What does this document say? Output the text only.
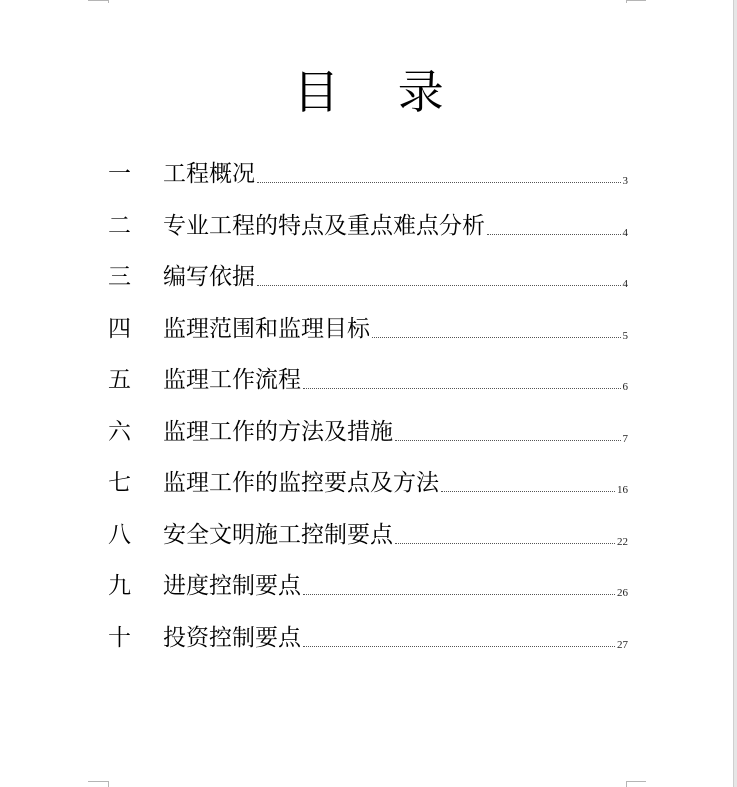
目 录
一	工程概况	3
二	专业工程的特点及重点难点分析	4
三	编写依据	4
四	监理范围和监理目标	5
五	监理工作流程	6
六	监理工作的方法及措施	7
七	监理工作的监控要点及方法	16
八	安全文明施工控制要点	22
九	进度控制要点	26
十	投资控制要点	27
